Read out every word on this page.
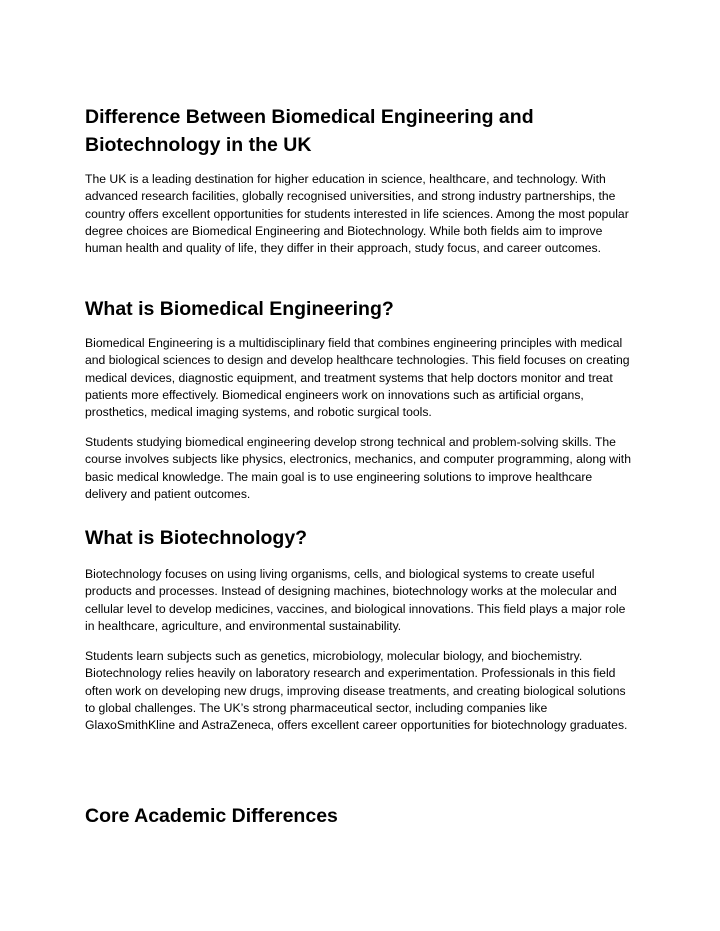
Difference Between Biomedical Engineering and Biotechnology in the UK

The UK is a leading destination for higher education in science, healthcare, and technology. With advanced research facilities, globally recognised universities, and strong industry partnerships, the country offers excellent opportunities for students interested in life sciences. Among the most popular degree choices are Biomedical Engineering and Biotechnology. While both fields aim to improve human health and quality of life, they differ in their approach, study focus, and career outcomes.

What is Biomedical Engineering?

Biomedical Engineering is a multidisciplinary field that combines engineering principles with medical and biological sciences to design and develop healthcare technologies. This field focuses on creating medical devices, diagnostic equipment, and treatment systems that help doctors monitor and treat patients more effectively. Biomedical engineers work on innovations such as artificial organs, prosthetics, medical imaging systems, and robotic surgical tools.

Students studying biomedical engineering develop strong technical and problem-solving skills. The course involves subjects like physics, electronics, mechanics, and computer programming, along with basic medical knowledge. The main goal is to use engineering solutions to improve healthcare delivery and patient outcomes.

What is Biotechnology?

Biotechnology focuses on using living organisms, cells, and biological systems to create useful products and processes. Instead of designing machines, biotechnology works at the molecular and cellular level to develop medicines, vaccines, and biological innovations. This field plays a major role in healthcare, agriculture, and environmental sustainability.

Students learn subjects such as genetics, microbiology, molecular biology, and biochemistry. Biotechnology relies heavily on laboratory research and experimentation. Professionals in this field often work on developing new drugs, improving disease treatments, and creating biological solutions to global challenges. The UK’s strong pharmaceutical sector, including companies like GlaxoSmithKline and AstraZeneca, offers excellent career opportunities for biotechnology graduates.

Core Academic Differences
